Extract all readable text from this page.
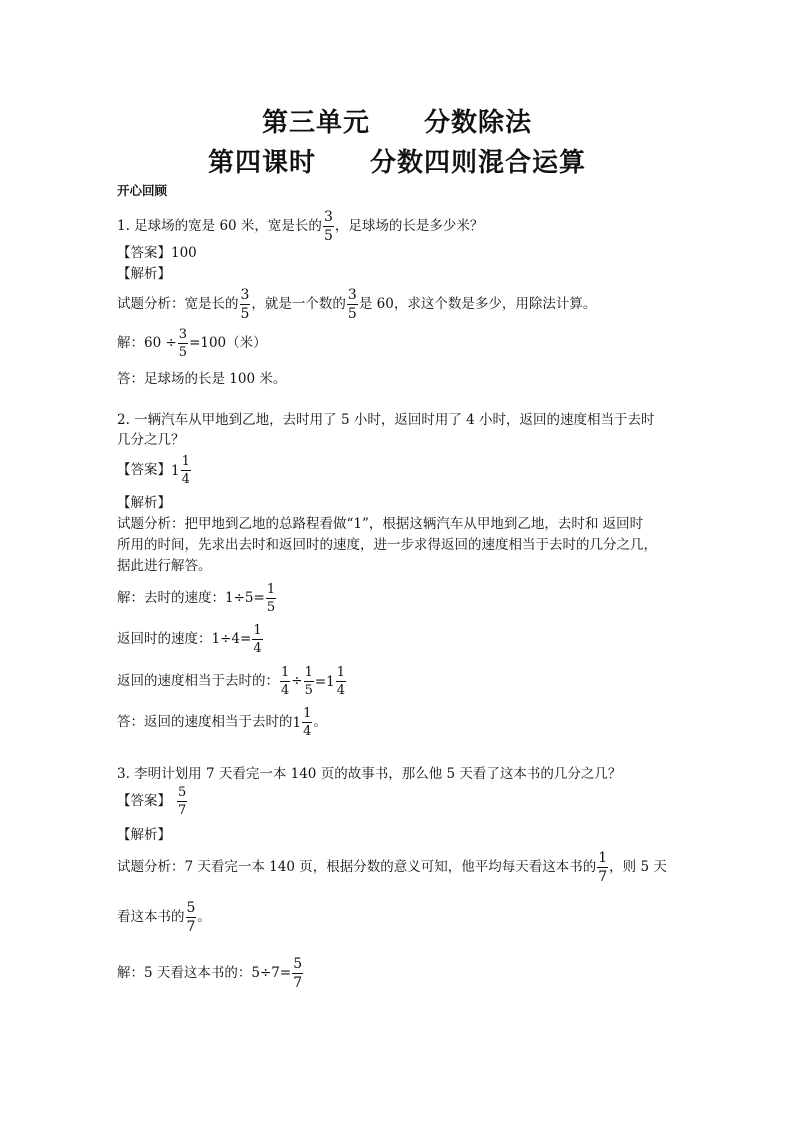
第三单元　　分数除法
第四课时　　分数四则混合运算
开心回顾
1. 足球场的宽是 60 米，宽是长的 $\frac{3}{5}$ ，足球场的长是多少米？
【答案】100
【解析】
试题分析：宽是长的 $\frac{3}{5}$ ，就是一个数的 $\frac{3}{5}$ 是 60，求这个数是多少，用除法计算。
解：$60 \div \frac{3}{5} =100$（米）
答：足球场的长是 100 米。
2. 一辆汽车从甲地到乙地，去时用了 5 小时，返回时用了 4 小时，返回的速度相当于去时
几分之几？
【答案】$1 \frac{1}{4}$
【解析】
试题分析：把甲地到乙地的总路程看做“1”，根据这辆汽车从甲地到乙地，去时和 返回时
所用的时间，先求出去时和返回时的速度，进一步求得返回的速度相当于去时的几分之几，
据此进行解答。
解：去时的速度：$1\div 5= \frac{1}{5}$
返回时的速度：$1\div 4= \frac{1}{4}$
返回的速度相当于去时的： $\frac{1}{4} \div \frac{1}{5} =1 \frac{1}{4}$
答：返回的速度相当于去时的$1 \frac{1}{4}$ 。
3. 李明计划用 7 天看完一本 140 页的故事书，那么他 5 天看了这本书的几分之几？
【答案】 $\frac{5}{7}$
【解析】
试题分析：7 天看完一本 140 页，根据分数的意义可知，他平均每天看这本书的 $\frac{1}{7}$ ，则 5 天
看这本书的 $\frac{5}{7}$ 。
解：5 天看这本书的：$5\div 7= \frac{5}{7}$
